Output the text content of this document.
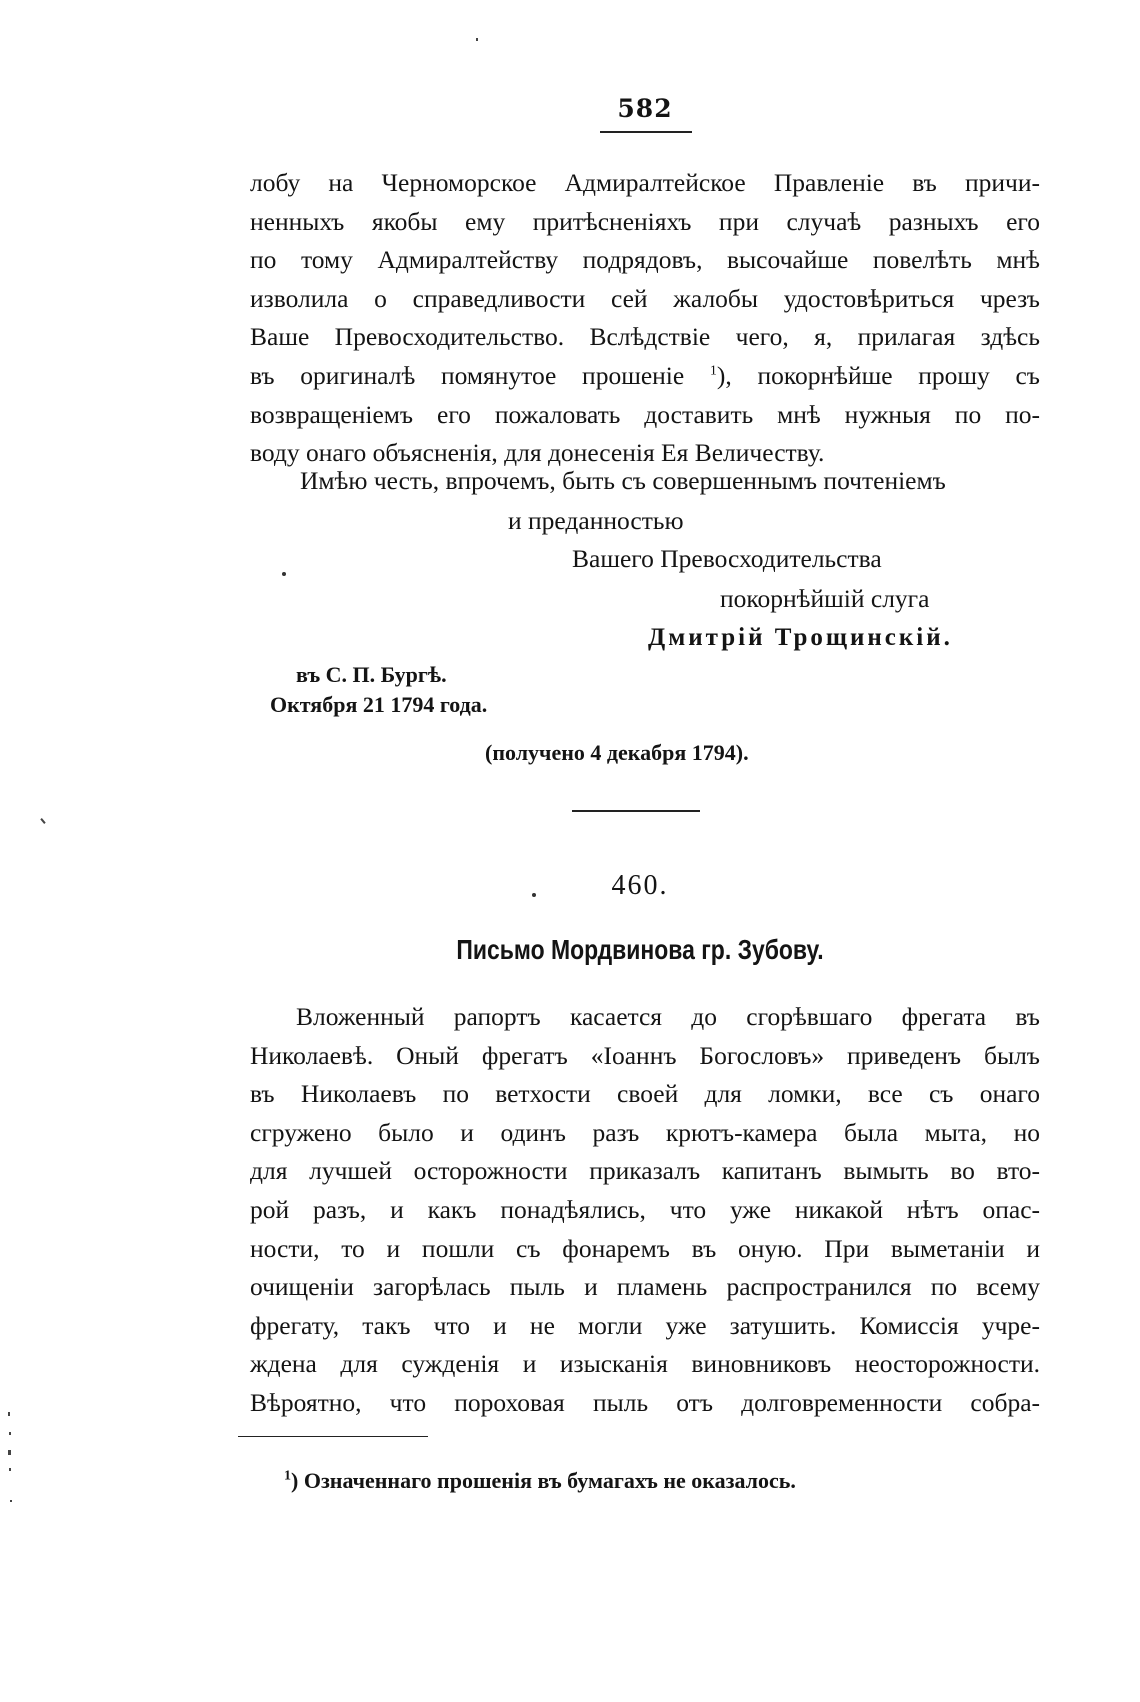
582
лобу на Черноморское Адмиралтейское Правленіе въ причи-
ненныхъ якобы ему притѣсненіяхъ при случаѣ разныхъ его
по тому Адмиралтейству подрядовъ, высочайше повелѣть мнѣ
изволила о справедливости сей жалобы удостовѣриться чрезъ
Ваше Превосходительство. Вслѣдствіе чего, я, прилагая здѣсь
въ оригиналѣ помянутое прошеніе $^1$), покорнѣйше прошу съ
возвращеніемъ его пожаловать доставить мнѣ нужныя по по-
воду онаго объясненія, для донесенія Ея Величеству.
Имѣю честь, впрочемъ, быть съ совершеннымъ почтеніемъ
и преданностью
Вашего Превосходительства
покорнѣйшій слуга
Дмитрій Трощинскій.
въ С. П. Бургѣ.
Октября 21 1794 года.
(получено 4 декабря 1794).
460.
Письмо Мордвинова гр. Зубову.
Вложенный рапортъ касается до сгорѣвшаго фрегата въ
Николаевѣ. Оный фрегатъ «Іоаннъ Богословъ» приведенъ былъ
въ Николаевъ по ветхости своей для ломки, все съ онаго
сгружено было и одинъ разъ крютъ-камера была мыта, но
для лучшей осторожности приказалъ капитанъ вымыть во вто-
рой разъ, и какъ понадѣялись, что уже никакой нѣтъ опас-
ности, то и пошли съ фонаремъ въ оную. При выметаніи и
очищеніи загорѣлась пыль и пламень распространился по всему
фрегату, такъ что и не могли уже затушить. Комиссія учре-
ждена для сужденія и изысканія виновниковъ неосторожности.
Вѣроятно, что пороховая пыль отъ долговременности собра-
$^1$) Означеннаго прошенія въ бумагахъ не оказалось.
